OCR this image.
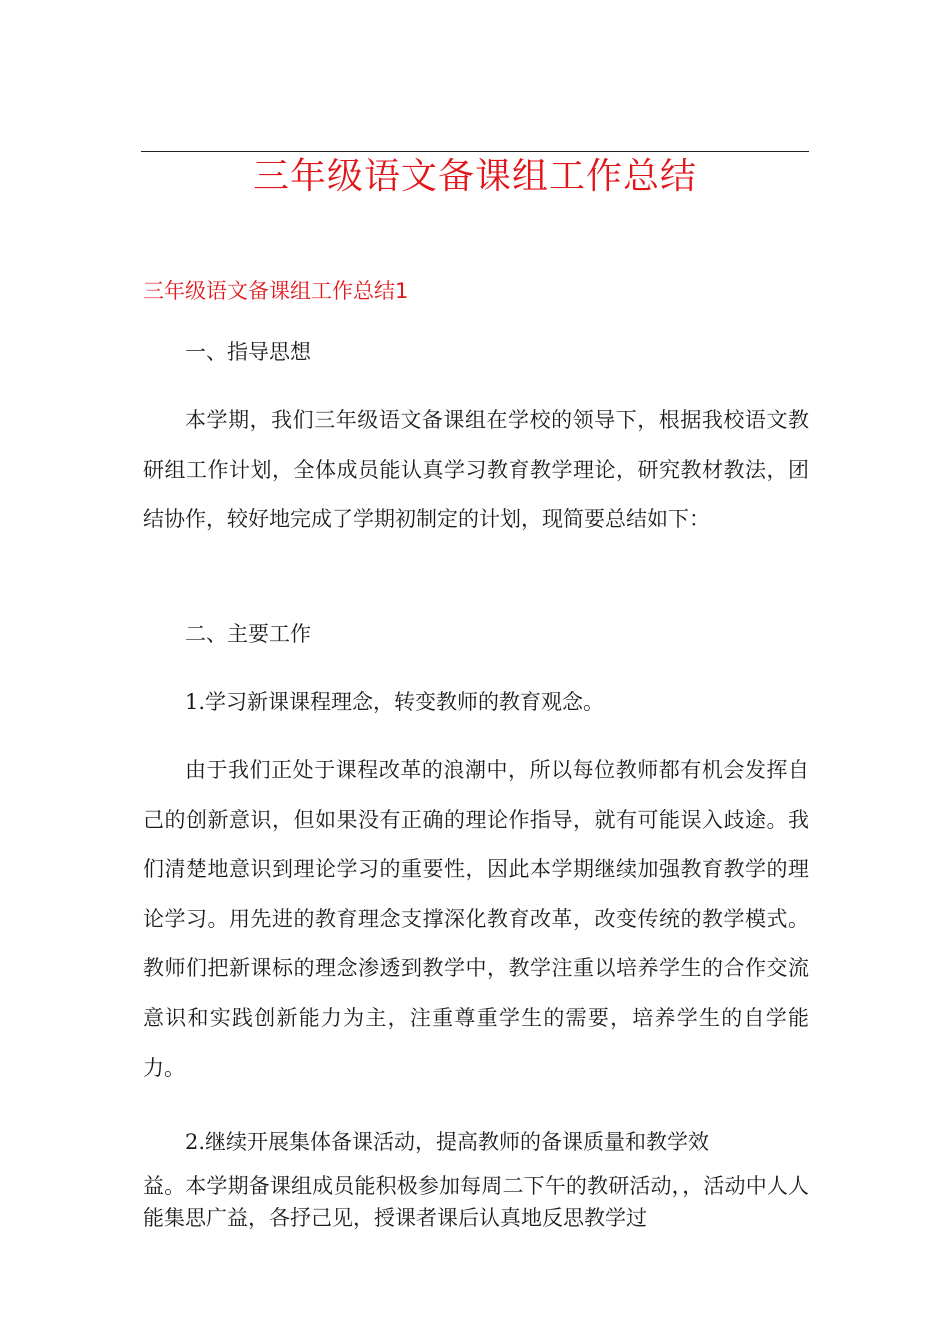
三年级语文备课组工作总结
三年级语文备课组工作总结1

一、指导思想

本学期，我们三年级语文备课组在学校的领导下，根据我校语文教研组工作计划，全体成员能认真学习教育教学理论，研究教材教法，团结协作，较好地完成了学期初制定的计划，现简要总结如下：

二、主要工作

1.学习新课课程理念，转变教师的教育观念。

由于我们正处于课程改革的浪潮中，所以每位教师都有机会发挥自己的创新意识，但如果没有正确的理论作指导，就有可能误入歧途。我们清楚地意识到理论学习的重要性，因此本学期继续加强教育教学的理论学习。用先进的教育理念支撑深化教育改革，改变传统的教学模式。教师们把新课标的理念渗透到教学中，教学注重以培养学生的合作交流意识和实践创新能力为主，注重尊重学生的需要，培养学生的自学能力。

2.继续开展集体备课活动，提高教师的备课质量和教学效

益。本学期备课组成员能积极参加每周二下午的教研活动，，活动中人人能集思广益，各抒己见，授课者课后认真地反思教学过
